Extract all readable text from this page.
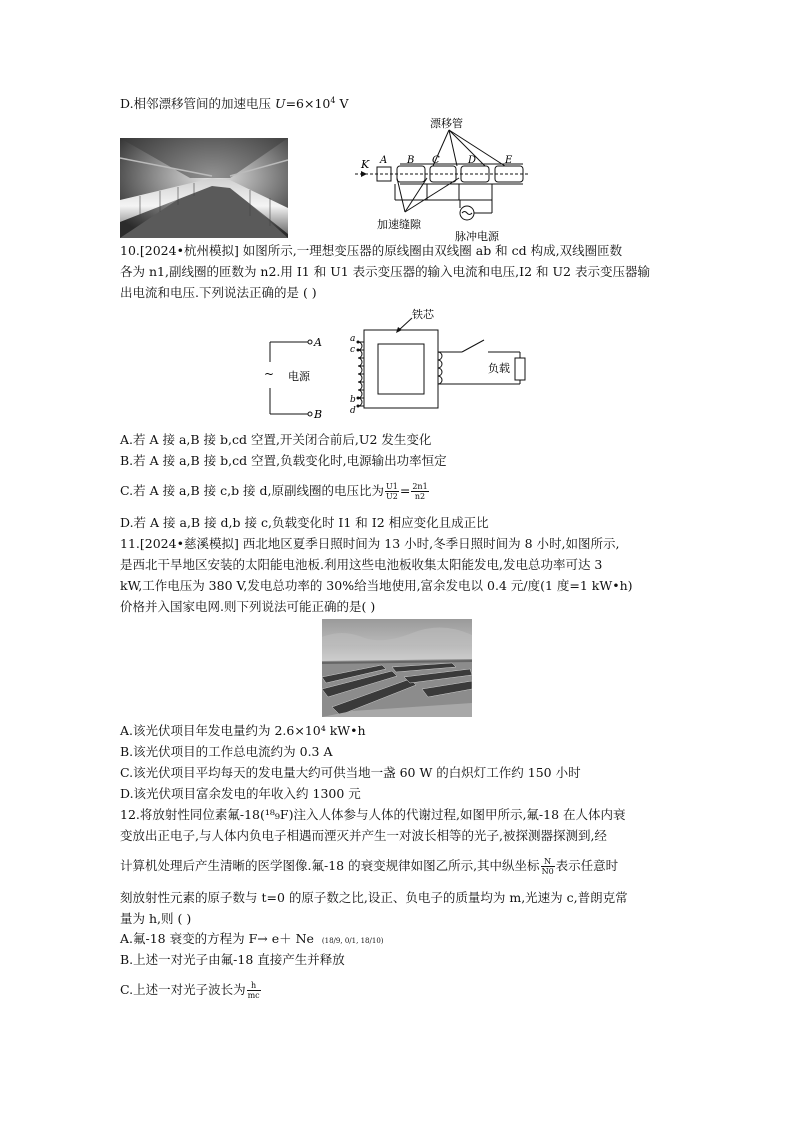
D.相邻漂移管间的加速电压 $U=6\times 10^4$ V
漂移管
K A B C	D	E
加速缝隙
脉冲电源
10.[2024•杭州模拟] 如图所示,一理想变压器的原线圈由双线圈 ab 和 cd 构成,双线圈匝数
各为 n1,副线圈的匝数为 n2.用 I1 和 U1 表示变压器的输入电流和电压,I2 和 U2 表示变压器输
出电流和电压.下列说法正确的是 ( )
~ 电源
A
B
a
c
b
d
铁芯
负载
A.若 A 接 a,B 接 b,cd 空置,开关闭合前后,U2 发生变化
B.若 A 接 a,B 接 b,cd 空置,负载变化时,电源输出功率恒定
C.若 A 接 a,B 接 c,b 接 d,原副线圈的电压比为 $\frac{U1}{U2} = \frac{2n1}{n2}$
D.若 A 接 a,B 接 d,b 接 c,负载变化时 I1 和 I2 相应变化且成正比
11.[2024•慈溪模拟] 西北地区夏季日照时间为 13 小时,冬季日照时间为 8 小时,如图所示,
是西北干旱地区安装的太阳能电池板.利用这些电池板收集太阳能发电,发电总功率可达 3
kW,工作电压为 380 V,发电总功率的 30%给当地使用,富余发电以 0.4 元/度(1 度=1 kW•h)
价格并入国家电网.则下列说法可能正确的是( )
A.该光伏项目年发电量约为 2.6×10⁴ kW•h
B.该光伏项目的工作总电流约为 0.3 A
C.该光伏项目平均每天的发电量大约可供当地一盏 60 W 的白炽灯工作约 150 小时
D.该光伏项目富余发电的年收入约 1300 元
12.将放射性同位素氟-18(¹⁸₉F)注入人体参与人体的代谢过程,如图甲所示,氟-18 在人体内衰
变放出正电子,与人体内负电子相遇而湮灭并产生一对波长相等的光子,被探测器探测到,经
计算机处理后产生清晰的医学图像.氟-18 的衰变规律如图乙所示,其中纵坐标 $\frac{N}{N0}$ 表示任意时
刻放射性元素的原子数与 t=0 的原子数之比,设正、负电子的质量均为 m,光速为 c,普朗克常
量为 h,则 ( )
A.氟-18 衰变的方程为 F→ e＋ Ne (18/9, 0/1, 18/10)
B.上述一对光子由氟-18 直接产生并释放
C.上述一对光子波长为 $\frac{h}{mc}$
